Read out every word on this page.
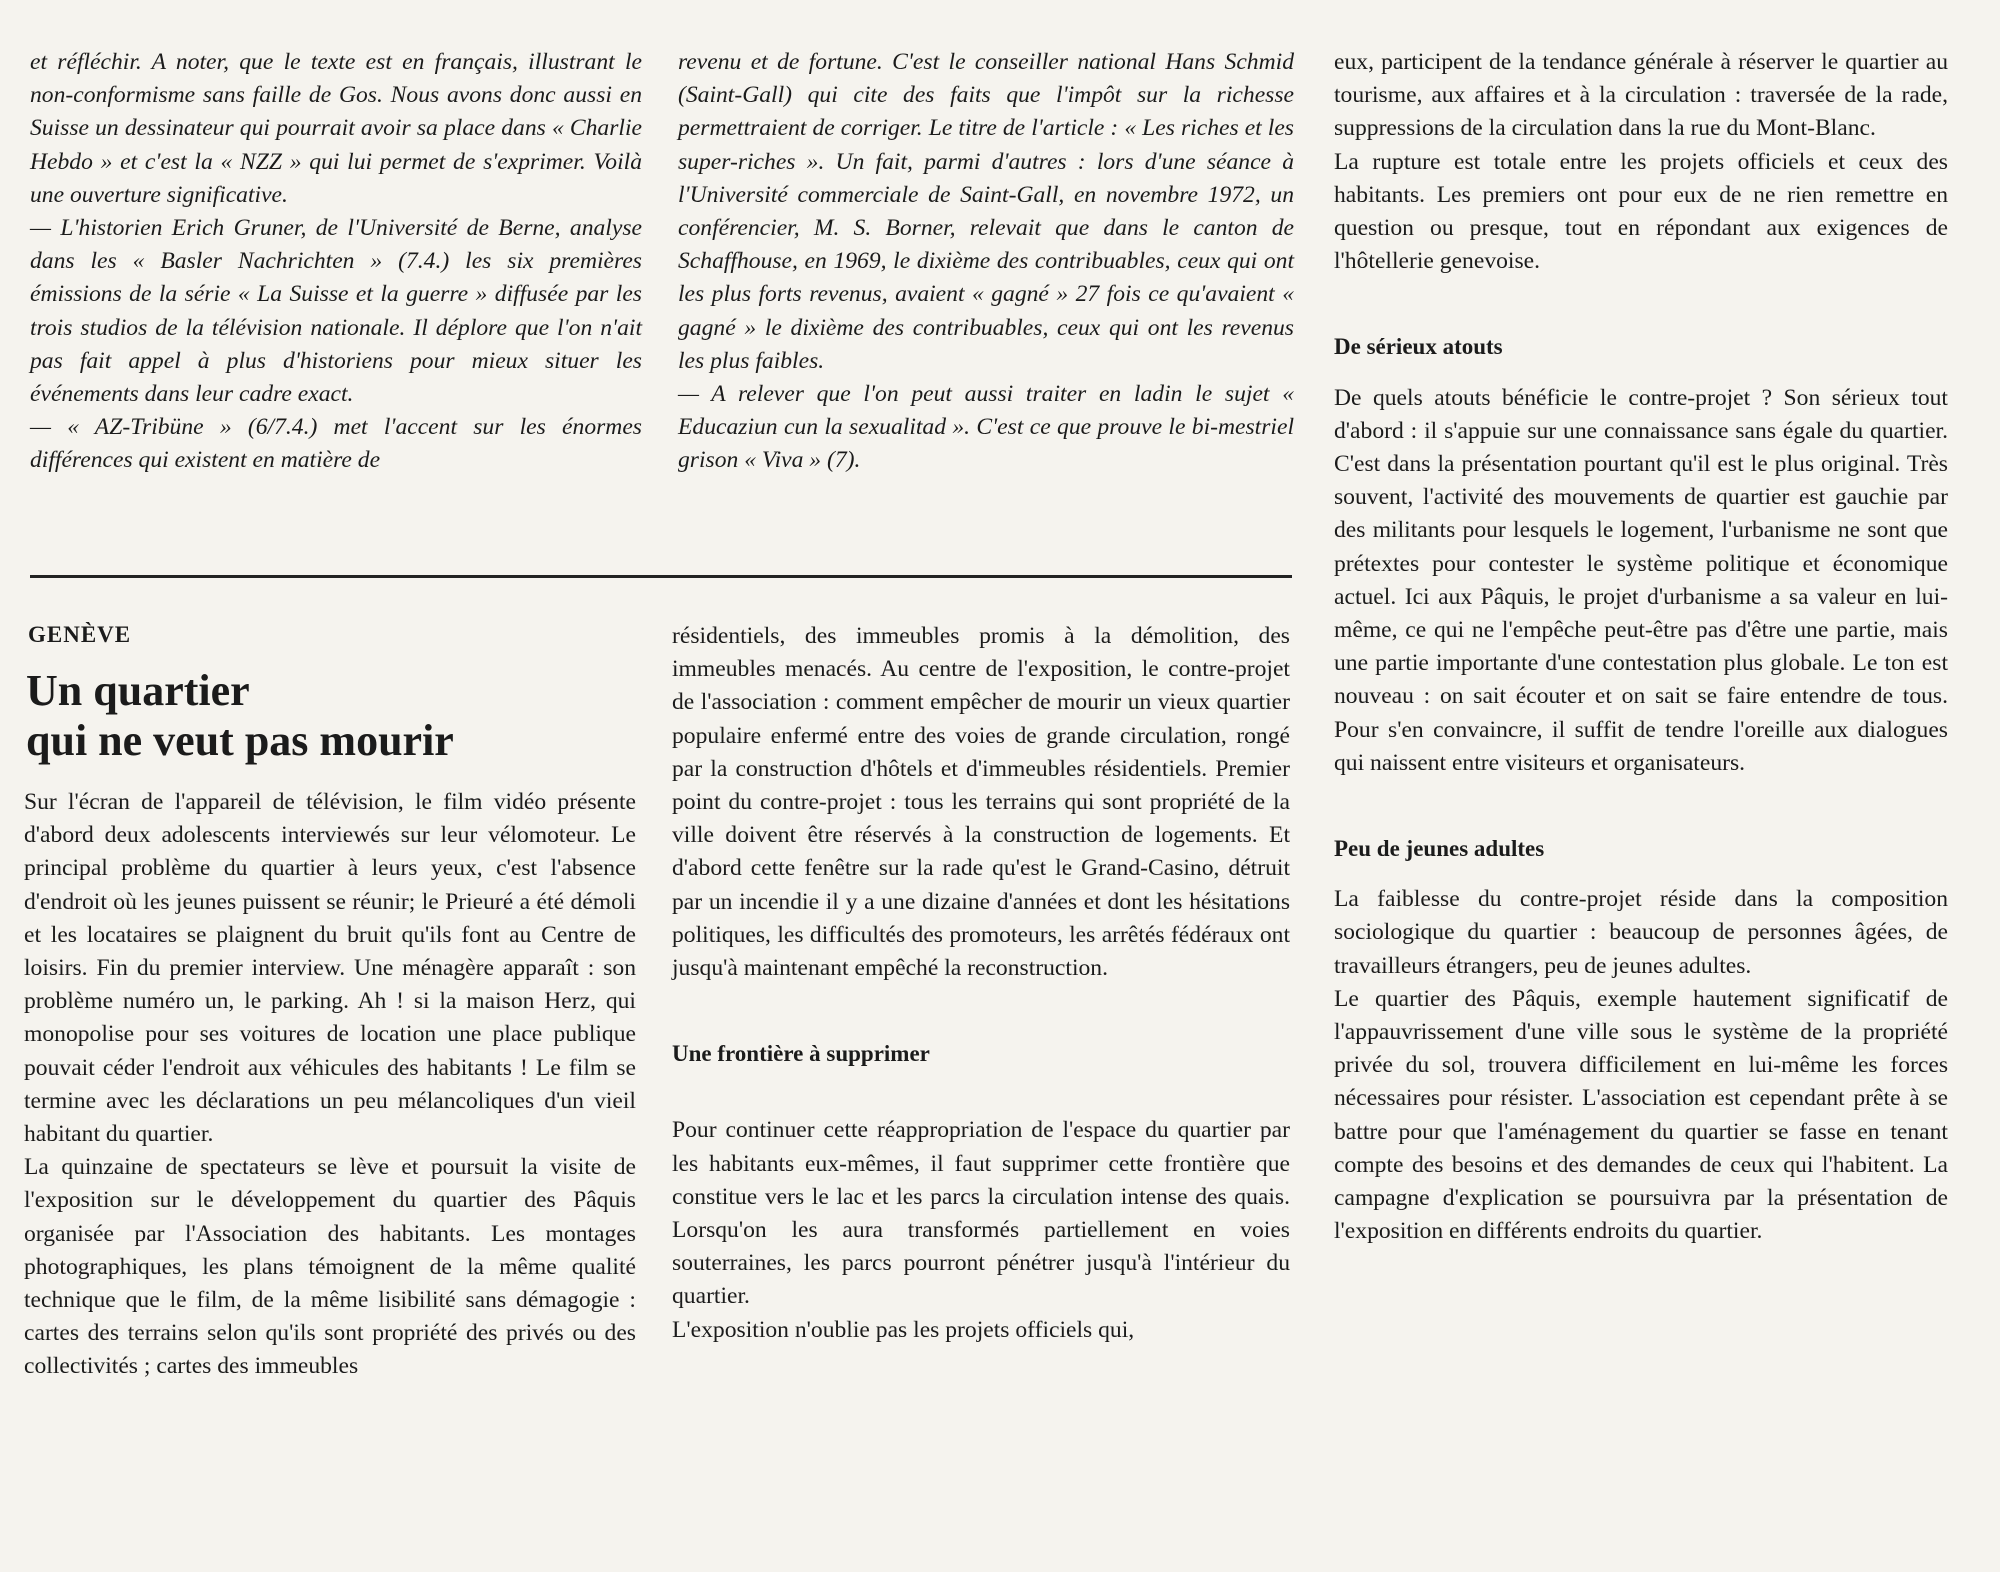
et réfléchir. A noter, que le texte est en français, illustrant le non-conformisme sans faille de Gos. Nous avons donc aussi en Suisse un dessinateur qui pourrait avoir sa place dans « Charlie Hebdo » et c'est la « NZZ » qui lui permet de s'exprimer. Voilà une ouverture significative.

— L'historien Erich Gruner, de l'Université de Berne, analyse dans les « Basler Nachrichten » (7.4.) les six premières émissions de la série « La Suisse et la guerre » diffusée par les trois studios de la télévision nationale. Il déplore que l'on n'ait pas fait appel à plus d'historiens pour mieux situer les événements dans leur cadre exact.

— « AZ-Tribüne » (6/7.4.) met l'accent sur les énormes différences qui existent en matière de

revenu et de fortune. C'est le conseiller national Hans Schmid (Saint-Gall) qui cite des faits que l'impôt sur la richesse permettraient de corriger. Le titre de l'article : « Les riches et les super-riches ». Un fait, parmi d'autres : lors d'une séance à l'Université commerciale de Saint-Gall, en novembre 1972, un conférencier, M. S. Borner, relevait que dans le canton de Schaffhouse, en 1969, le dixième des contribuables, ceux qui ont les plus forts revenus, avaient « gagné » 27 fois ce qu'avaient « gagné » le dixième des contribuables, ceux qui ont les revenus les plus faibles.

— A relever que l'on peut aussi traiter en ladin le sujet « Educaziun cun la sexualitad ». C'est ce que prouve le bi-mestriel grison « Viva » (7).

GENÈVE
Un quartier
qui ne veut pas mourir

Sur l'écran de l'appareil de télévision, le film vidéo présente d'abord deux adolescents interviewés sur leur vélomoteur. Le principal problème du quartier à leurs yeux, c'est l'absence d'endroit où les jeunes puissent se réunir; le Prieuré a été démoli et les locataires se plaignent du bruit qu'ils font au Centre de loisirs. Fin du premier interview. Une ménagère apparaît : son problème numéro un, le parking. Ah ! si la maison Herz, qui monopolise pour ses voitures de location une place publique pouvait céder l'endroit aux véhicules des habitants ! Le film se termine avec les déclarations un peu mélancoliques d'un vieil habitant du quartier.

La quinzaine de spectateurs se lève et poursuit la visite de l'exposition sur le développement du quartier des Pâquis organisée par l'Association des habitants. Les montages photographiques, les plans témoignent de la même qualité technique que le film, de la même lisibilité sans démagogie : cartes des terrains selon qu'ils sont propriété des privés ou des collectivités ; cartes des immeubles

résidentiels, des immeubles promis à la démolition, des immeubles menacés. Au centre de l'exposition, le contre-projet de l'association : comment empêcher de mourir un vieux quartier populaire enfermé entre des voies de grande circulation, rongé par la construction d'hôtels et d'immeubles résidentiels. Premier point du contre-projet : tous les terrains qui sont propriété de la ville doivent être réservés à la construction de logements. Et d'abord cette fenêtre sur la rade qu'est le Grand-Casino, détruit par un incendie il y a une dizaine d'années et dont les hésitations politiques, les difficultés des promoteurs, les arrêtés fédéraux ont jusqu'à maintenant empêché la reconstruction.

Une frontière à supprimer

Pour continuer cette réappropriation de l'espace du quartier par les habitants eux-mêmes, il faut supprimer cette frontière que constitue vers le lac et les parcs la circulation intense des quais. Lorsqu'on les aura transformés partiellement en voies souterraines, les parcs pourront pénétrer jusqu'à l'intérieur du quartier.

L'exposition n'oublie pas les projets officiels qui,

eux, participent de la tendance générale à réserver le quartier au tourisme, aux affaires et à la circulation : traversée de la rade, suppressions de la circulation dans la rue du Mont-Blanc.

La rupture est totale entre les projets officiels et ceux des habitants. Les premiers ont pour eux de ne rien remettre en question ou presque, tout en répondant aux exigences de l'hôtellerie genevoise.

De sérieux atouts

De quels atouts bénéficie le contre-projet ? Son sérieux tout d'abord : il s'appuie sur une connaissance sans égale du quartier. C'est dans la présentation pourtant qu'il est le plus original. Très souvent, l'activité des mouvements de quartier est gauchie par des militants pour lesquels le logement, l'urbanisme ne sont que prétextes pour contester le système politique et économique actuel. Ici aux Pâquis, le projet d'urbanisme a sa valeur en lui-même, ce qui ne l'empêche peut-être pas d'être une partie, mais une partie importante d'une contestation plus globale. Le ton est nouveau : on sait écouter et on sait se faire entendre de tous. Pour s'en convaincre, il suffit de tendre l'oreille aux dialogues qui naissent entre visiteurs et organisateurs.

Peu de jeunes adultes

La faiblesse du contre-projet réside dans la composition sociologique du quartier : beaucoup de personnes âgées, de travailleurs étrangers, peu de jeunes adultes.

Le quartier des Pâquis, exemple hautement significatif de l'appauvrissement d'une ville sous le système de la propriété privée du sol, trouvera difficilement en lui-même les forces nécessaires pour résister. L'association est cependant prête à se battre pour que l'aménagement du quartier se fasse en tenant compte des besoins et des demandes de ceux qui l'habitent. La campagne d'explication se poursuivra par la présentation de l'exposition en différents endroits du quartier.
